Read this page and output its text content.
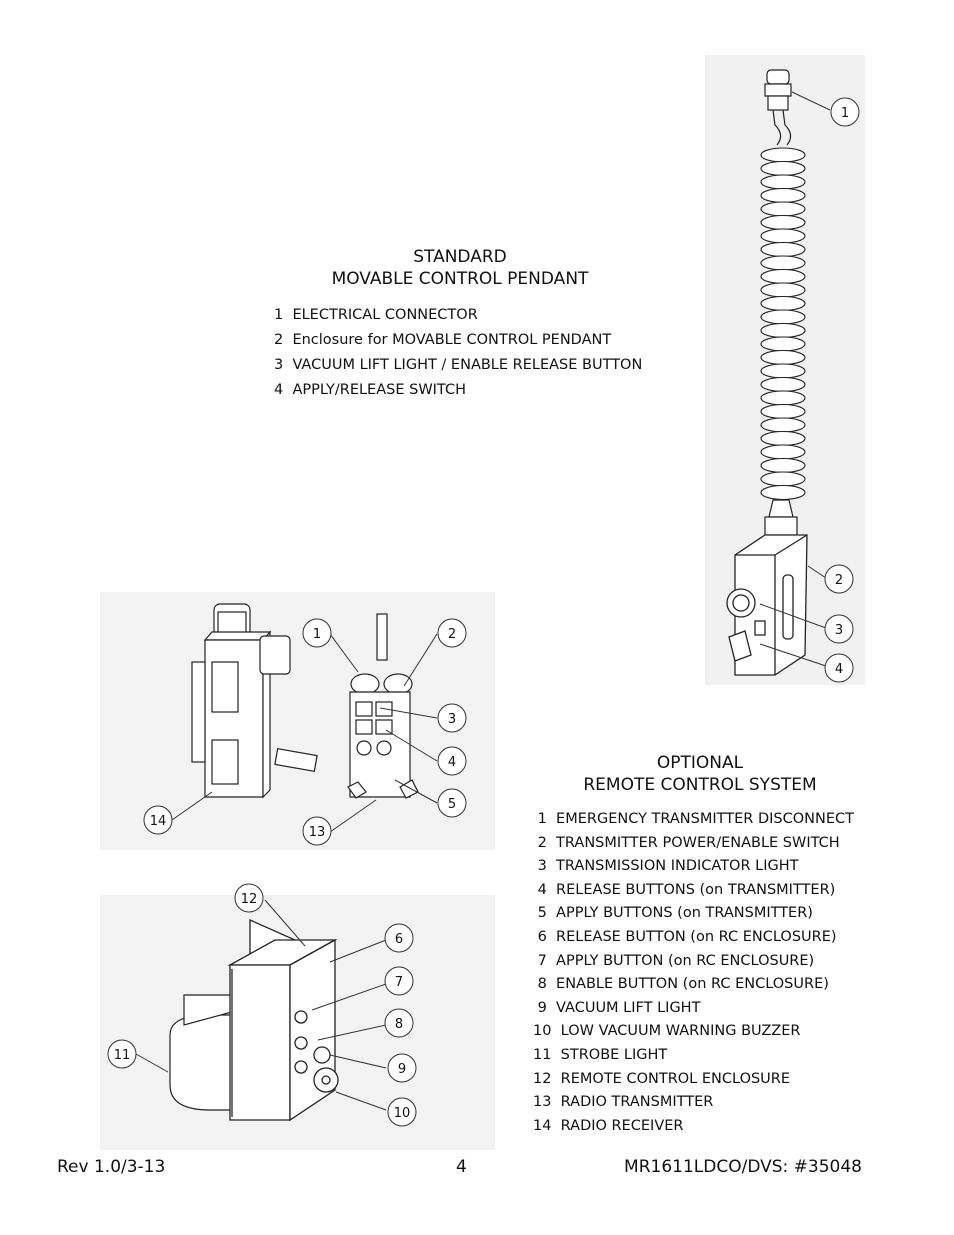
STANDARD
MOVABLE CONTROL PENDANT
1  ELECTRICAL CONNECTOR
2  Enclosure for MOVABLE CONTROL PENDANT
3  VACUUM LIFT LIGHT / ENABLE RELEASE BUTTON
4  APPLY/RELEASE SWITCH
OPTIONAL
REMOTE CONTROL SYSTEM
1  EMERGENCY TRANSMITTER DISCONNECT
2  TRANSMITTER POWER/ENABLE SWITCH
3  TRANSMISSION INDICATOR LIGHT
4  RELEASE BUTTONS (on TRANSMITTER)
5  APPLY BUTTONS (on TRANSMITTER)
6  RELEASE BUTTON (on RC ENCLOSURE)
7  APPLY BUTTON (on RC ENCLOSURE)
8  ENABLE BUTTON (on RC ENCLOSURE)
9  VACUUM LIFT LIGHT
10  LOW VACUUM WARNING BUZZER
11  STROBE LIGHT
12  REMOTE CONTROL ENCLOSURE
13  RADIO TRANSMITTER
14  RADIO RECEIVER
1
2
3
4
1	2
3
4
5
13
14
12
6
7
8
9
10
11
Rev 1.0/3-13	4	MR1611LDCO/DVS: #35048
